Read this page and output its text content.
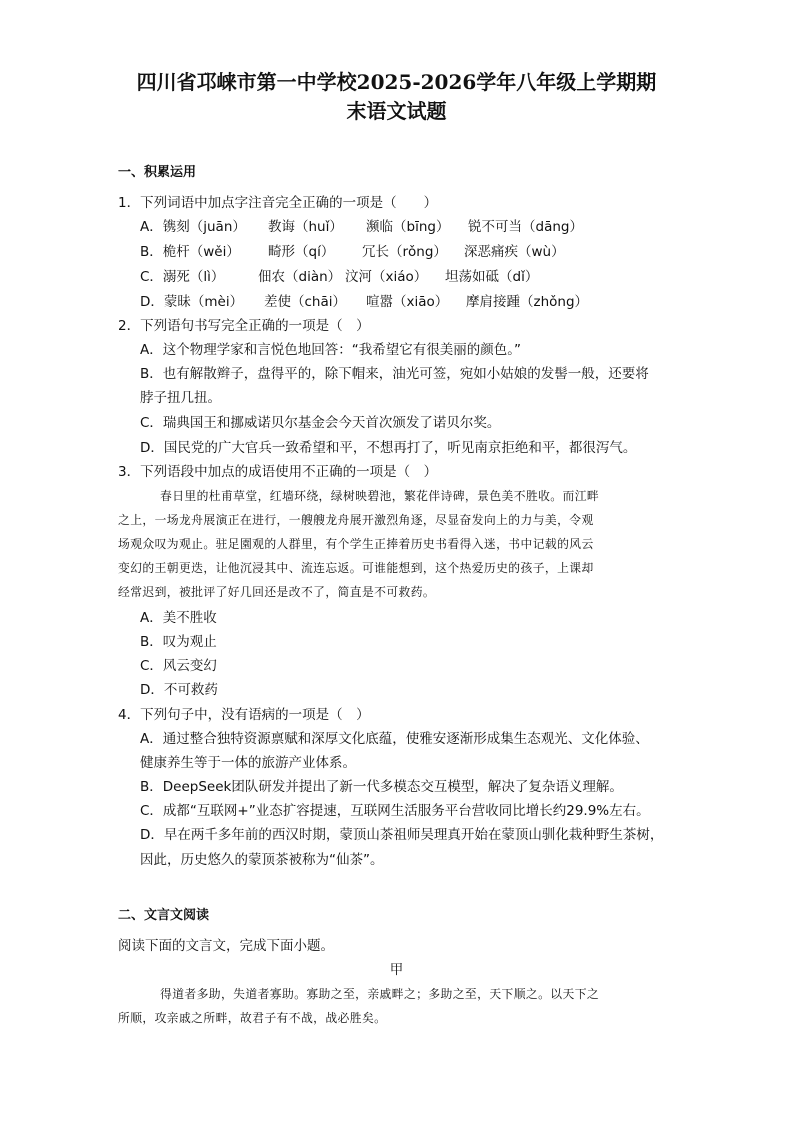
四川省邛崃市第一中学校2025-2026学年八年级上学期期
末语文试题
一、积累运用
1．下列词语中加点字注音完全正确的一项是（　　）
A．镌刻（juān） 教诲（huǐ） 濒临（bīng） 锐不可当（dāng）
B．桅杆（wěi） 畸形（qí） 冗长（rǒng） 深恶痛疾（wù）
C．溺死（lì） 佃农（diàn） 汶河（xiáo） 坦荡如砥（dǐ）
D．蒙昧（mèi） 差使（chāi） 喧嚣（xiāo） 摩肩接踵（zhǒng）
2．下列语句书写完全正确的一项是（　）
A．这个物理学家和言悦色地回答：“我希望它有很美丽的颜色。”
B．也有解散辫子，盘得平的，除下帽来，油光可签，宛如小姑娘的发髻一般，还要将
脖子扭几扭。
C．瑞典国王和挪威诺贝尔基金会今天首次颁发了诺贝尔奖。
D．国民党的广大官兵一致希望和平，不想再打了，听见南京拒绝和平，都很泻气。
3．下列语段中加点的成语使用不正确的一项是（　）
春日里的杜甫草堂，红墙环绕，绿树映碧池，繁花伴诗碑，景色美不胜收。而江畔
之上，一场龙舟展演正在进行，一艘艘龙舟展开激烈角逐，尽显奋发向上的力与美，令观
场观众叹为观止。驻足園观的人群里，有个学生正捧着历史书看得入迷，书中记载的风云
变幻的王朝更迭，让他沉浸其中、流连忘返。可谁能想到，这个热爱历史的孩子，上课却
经常迟到，被批评了好几回还是改不了，简直是不可救药。
A．美不胜收
B．叹为观止
C．风云变幻
D．不可救药
4．下列句子中，没有语病的一项是（　）
A．通过整合独特资源禀赋和深厚文化底蕴，使雅安逐渐形成集生态观光、文化体验、
健康养生等于一体的旅游产业体系。
B．DeepSeek团队研发并提出了新一代多模态交互模型，解决了复杂语义理解。
C．成都“互联网+”业态扩容提速，互联网生活服务平台营收同比增长约29.9%左右。
D．早在两千多年前的西汉时期，蒙顶山茶祖师吴理真开始在蒙顶山驯化栽种野生茶树，
因此，历史悠久的蒙顶茶被称为“仙茶”。
二、文言文阅读
阅读下面的文言文，完成下面小题。
甲
得道者多助，失道者寡助。寡助之至，亲戚畔之；多助之至，天下顺之。以天下之
所顺，攻亲戚之所畔，故君子有不战，战必胜矣。
